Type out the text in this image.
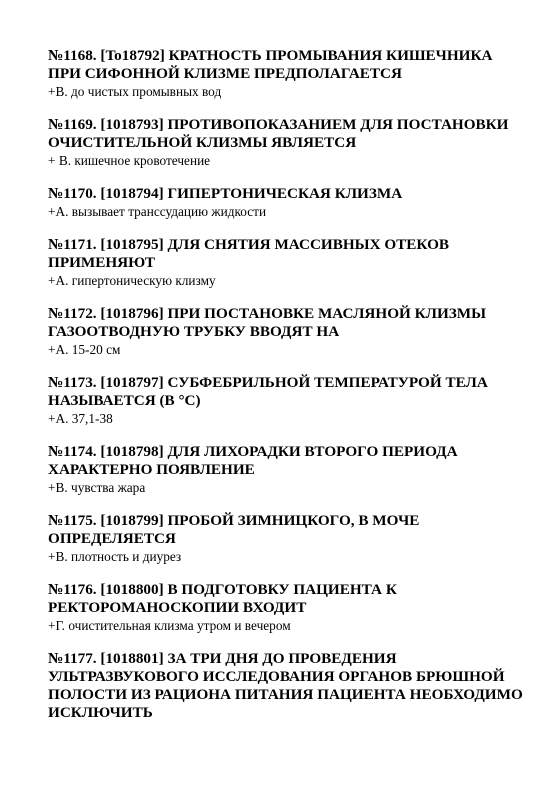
№1168. [To18792] КРАТНОСТЬ ПРОМЫВАНИЯ КИШЕЧНИКА ПРИ СИФОННОЙ КЛИЗМЕ ПРЕДПОЛАГАЕТСЯ

+В. до чистых промывных вод

№1169. [1018793] ПРОТИВОПОКАЗАНИЕМ ДЛЯ ПОСТАНОВКИ ОЧИСТИТЕЛЬНОЙ КЛИЗМЫ ЯВЛЯЕТСЯ

+ В. кишечное кровотечение

№1170. [1018794] ГИПЕРТОНИЧЕСКАЯ КЛИЗМА

+А. вызывает транссудацию жидкости

№1171. [1018795] ДЛЯ СНЯТИЯ МАССИВНЫХ ОТЕКОВ ПРИМЕНЯЮТ

+А. гипертоническую клизму

№1172. [1018796] ПРИ ПОСТАНОВКЕ МАСЛЯНОЙ КЛИЗМЫ ГАЗООТВОДНУЮ ТРУБКУ ВВОДЯТ НА

+А. 15-20 см

№1173. [1018797] СУБФЕБРИЛЬНОЙ ТЕМПЕРАТУРОЙ ТЕЛА НАЗЫВАЕТСЯ (В °С)

+А. 37,1-38

№1174. [1018798] ДЛЯ ЛИХОРАДКИ ВТОРОГО ПЕРИОДА ХАРАКТЕРНО ПОЯВЛЕНИЕ

+В. чувства жара

№1175. [1018799] ПРОБОЙ ЗИМНИЦКОГО, В МОЧЕ ОПРЕДЕЛЯЕТСЯ

+В. плотность и диурез

№1176. [1018800] В ПОДГОТОВКУ ПАЦИЕНТА К РЕКТОРОМАНОСКОПИИ ВХОДИТ

+Г. очистительная клизма утром и вечером

№1177. [1018801] ЗА ТРИ ДНЯ ДО ПРОВЕДЕНИЯ УЛЬТРАЗВУКОВОГО ИССЛЕДОВАНИЯ ОРГАНОВ БРЮШНОЙ ПОЛОСТИ ИЗ РАЦИОНА ПИТАНИЯ ПАЦИЕНТА НЕОБХОДИМО ИСКЛЮЧИТЬ
